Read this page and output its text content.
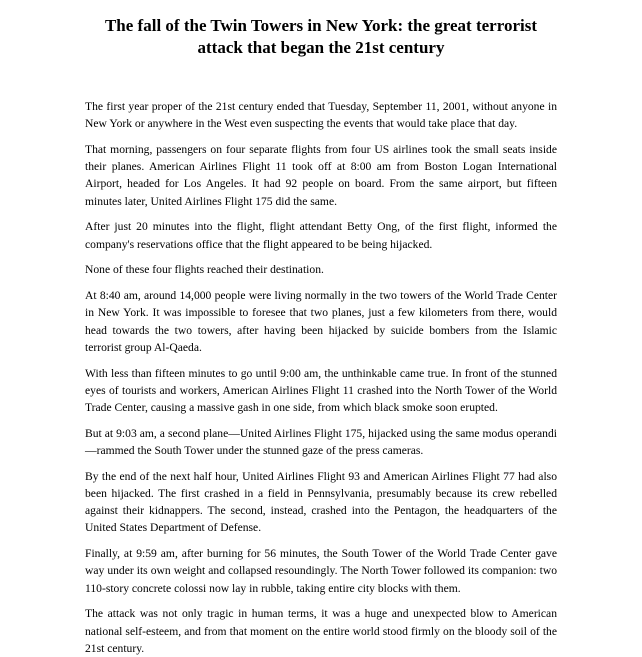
The fall of the Twin Towers in New York: the great terrorist attack that began the 21st century

The first year proper of the 21st century ended that Tuesday, September 11, 2001, without anyone in New York or anywhere in the West even suspecting the events that would take place that day.

That morning, passengers on four separate flights from four US airlines took the small seats inside their planes. American Airlines Flight 11 took off at 8:00 am from Boston Logan International Airport, headed for Los Angeles. It had 92 people on board. From the same airport, but fifteen minutes later, United Airlines Flight 175 did the same.

After just 20 minutes into the flight, flight attendant Betty Ong, of the first flight, informed the company's reservations office that the flight appeared to be being hijacked.

None of these four flights reached their destination.

At 8:40 am, around 14,000 people were living normally in the two towers of the World Trade Center in New York. It was impossible to foresee that two planes, just a few kilometers from there, would head towards the two towers, after having been hijacked by suicide bombers from the Islamic terrorist group Al-Qaeda.

With less than fifteen minutes to go until 9:00 am, the unthinkable came true. In front of the stunned eyes of tourists and workers, American Airlines Flight 11 crashed into the North Tower of the World Trade Center, causing a massive gash in one side, from which black smoke soon erupted.

But at 9:03 am, a second plane—United Airlines Flight 175, hijacked using the same modus operandi—rammed the South Tower under the stunned gaze of the press cameras.

By the end of the next half hour, United Airlines Flight 93 and American Airlines Flight 77 had also been hijacked. The first crashed in a field in Pennsylvania, presumably because its crew rebelled against their kidnappers. The second, instead, crashed into the Pentagon, the headquarters of the United States Department of Defense.

Finally, at 9:59 am, after burning for 56 minutes, the South Tower of the World Trade Center gave way under its own weight and collapsed resoundingly. The North Tower followed its companion: two 110-story concrete colossi now lay in rubble, taking entire city blocks with them.

The attack was not only tragic in human terms, it was a huge and unexpected blow to American national self-esteem, and from that moment on the entire world stood firmly on the bloody soil of the 21st century.
